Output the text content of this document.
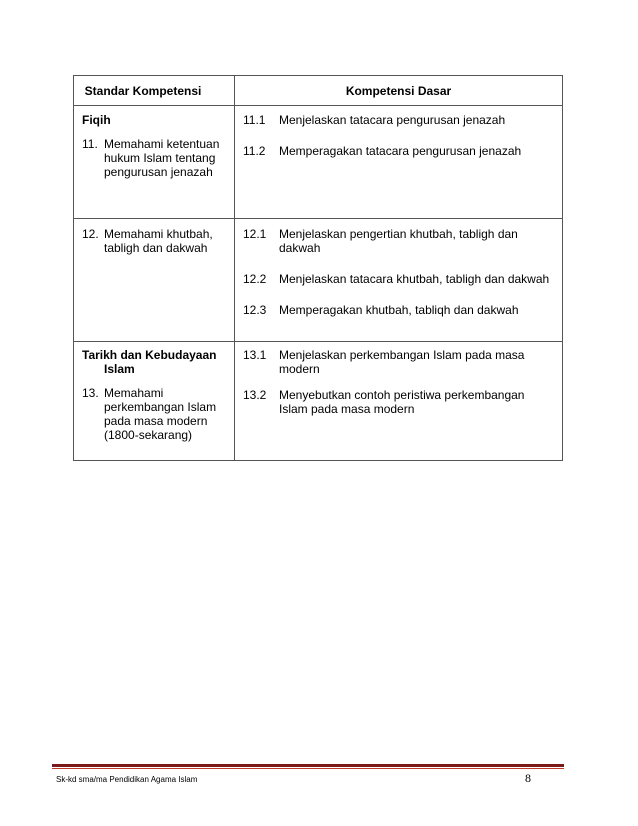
Standar Kompetensi	Kompetensi Dasar
Fiqih
11. Memahami ketentuan hukum Islam tentang pengurusan jenazah
11.1	Menjelaskan tatacara pengurusan jenazah
11.2	Memperagakan tatacara pengurusan jenazah
12. Memahami khutbah, tabligh dan dakwah
12.1	Menjelaskan pengertian khutbah, tabligh dan dakwah
12.2	Menjelaskan tatacara khutbah, tabligh dan dakwah
12.3	Memperagakan khutbah, tabliqh dan dakwah
Tarikh dan Kebudayaan Islam
13. Memahami perkembangan Islam pada masa modern (1800-sekarang)
13.1	Menjelaskan perkembangan Islam pada masa modern
13.2	Menyebutkan contoh peristiwa perkembangan Islam pada masa modern
Sk-kd sma/ma Pendidikan Agama Islam	8
